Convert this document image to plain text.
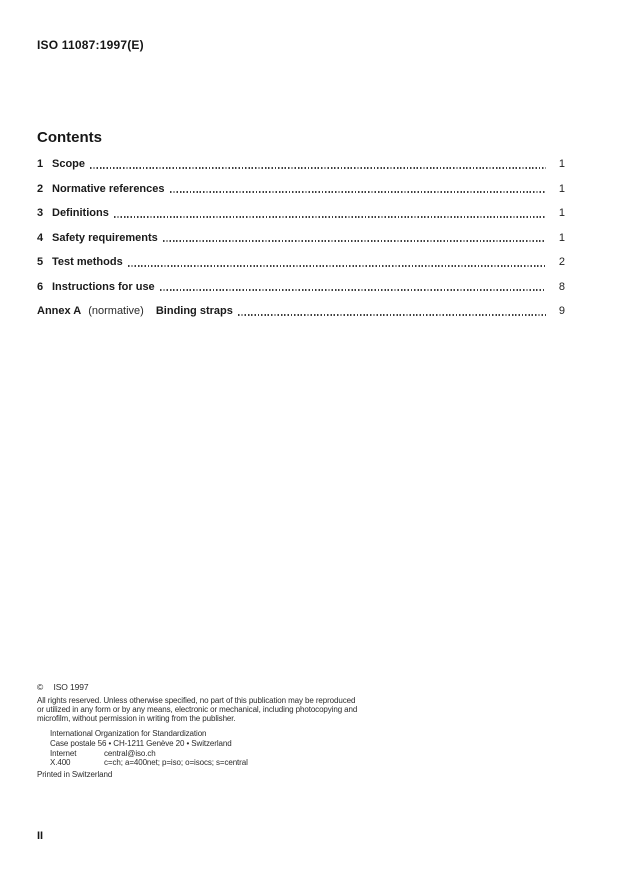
ISO 11087:1997(E)
Contents
1 Scope	1
2 Normative references	1
3 Definitions	1
4 Safety requirements	1
5 Test methods	2
6 Instructions for use	8
Annex A (normative) Binding straps	9
© ISO 1997
All rights reserved. Unless otherwise specified, no part of this publication may be reproduced
or utilized in any form or by any means, electronic or mechanical, including photocopying and
microfilm, without permission in writing from the publisher.
International Organization for Standardization
Case postale 56 • CH-1211 Genève 20 • Switzerland
Internet	central@iso.ch
X.400	c=ch; a=400net; p=iso; o=isocs; s=central
Printed in Switzerland
II
